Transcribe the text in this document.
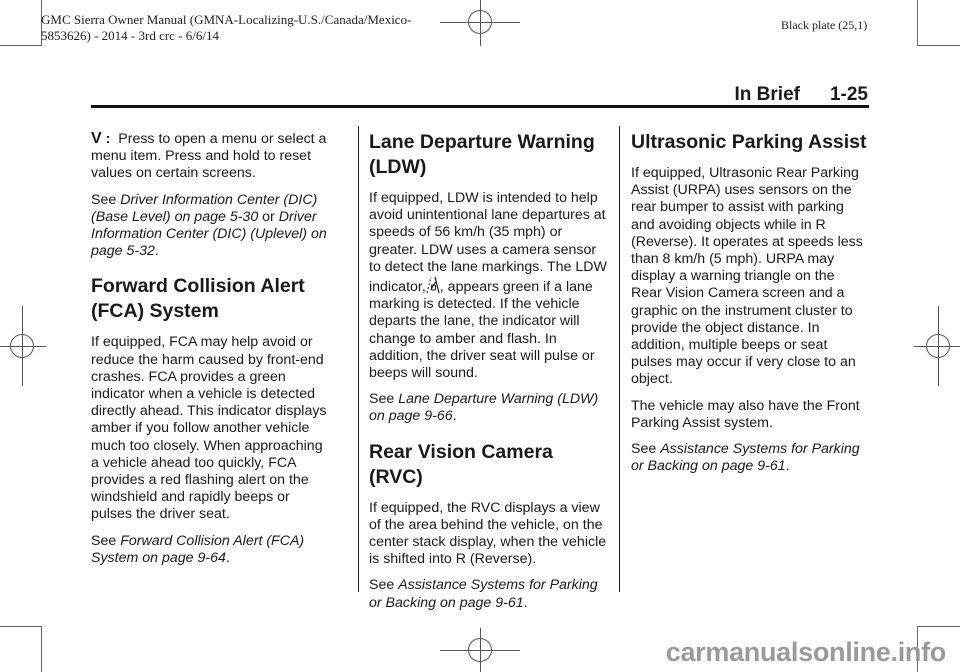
GMC Sierra Owner Manual (GMNA-Localizing-U.S./Canada/Mexico-
5853626) - 2014 - 3rd crc - 6/6/14
Black plate (25,1)
In Brief 1-25

V : Press to open a menu or select a menu item. Press and hold to reset values on certain screens.

See Driver Information Center (DIC) (Base Level) on page 5-30 or Driver Information Center (DIC) (Uplevel) on page 5-32.

Forward Collision Alert (FCA) System

If equipped, FCA may help avoid or reduce the harm caused by front-end crashes. FCA provides a green indicator when a vehicle is detected directly ahead. This indicator displays amber if you follow another vehicle much too closely. When approaching a vehicle ahead too quickly, FCA provides a red flashing alert on the windshield and rapidly beeps or pulses the driver seat.

See Forward Collision Alert (FCA) System on page 9-64.

Lane Departure Warning (LDW)

If equipped, LDW is intended to help avoid unintentional lane departures at speeds of 56 km/h (35 mph) or greater. LDW uses a camera sensor to detect the lane markings. The LDW indicator, , appears green if a lane marking is detected. If the vehicle departs the lane, the indicator will change to amber and flash. In addition, the driver seat will pulse or beeps will sound.

See Lane Departure Warning (LDW) on page 9-66.

Rear Vision Camera (RVC)

If equipped, the RVC displays a view of the area behind the vehicle, on the center stack display, when the vehicle is shifted into R (Reverse).

See Assistance Systems for Parking or Backing on page 9-61.

Ultrasonic Parking Assist

If equipped, Ultrasonic Rear Parking Assist (URPA) uses sensors on the rear bumper to assist with parking and avoiding objects while in R (Reverse). It operates at speeds less than 8 km/h (5 mph). URPA may display a warning triangle on the Rear Vision Camera screen and a graphic on the instrument cluster to provide the object distance. In addition, multiple beeps or seat pulses may occur if very close to an object.

The vehicle may also have the Front Parking Assist system.

See Assistance Systems for Parking or Backing on page 9-61.

carmanualsonline.info
